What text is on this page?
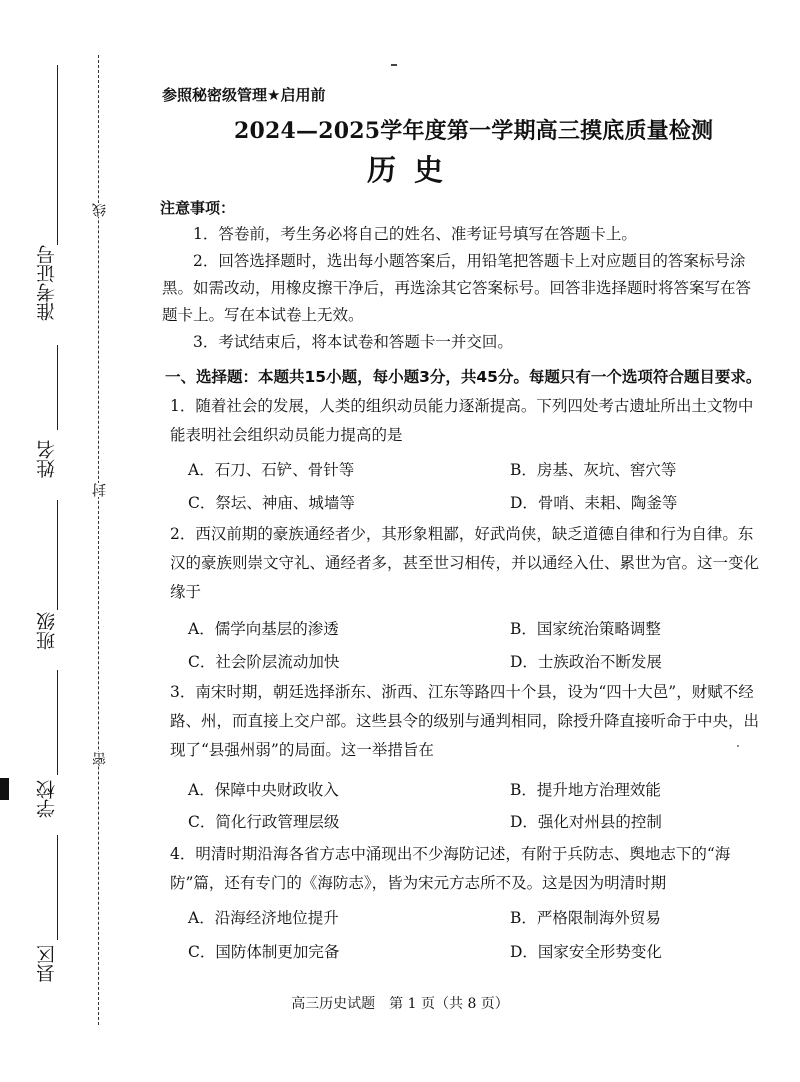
准考证号
姓名
班级
学校
县区
线
封
密
参照秘密级管理★启用前
2024—2025学年度第一学期高三摸底质量检测
历史
注意事项：
1．答卷前，考生务必将自己的姓名、准考证号填写在答题卡上。
2．回答选择题时，选出每小题答案后，用铅笔把答题卡上对应题目的答案标号涂黑。如需改动，用橡皮擦干净后，再选涂其它答案标号。回答非选择题时将答案写在答题卡上。写在本试卷上无效。
3．考试结束后，将本试卷和答题卡一并交回。
一、选择题：本题共15小题，每小题3分，共45分。每题只有一个选项符合题目要求。
1．随着社会的发展，人类的组织动员能力逐渐提高。下列四处考古遗址所出土文物中能表明社会组织动员能力提高的是
A．石刀、石铲、骨针等	B．房基、灰坑、窖穴等
C．祭坛、神庙、城墙等	D．骨哨、耒耜、陶釜等
2．西汉前期的豪族通经者少，其形象粗鄙，好武尚侠，缺乏道德自律和行为自律。东汉的豪族则崇文守礼、通经者多，甚至世习相传，并以通经入仕、累世为官。这一变化缘于
A．儒学向基层的渗透	B．国家统治策略调整
C．社会阶层流动加快	D．士族政治不断发展
3．南宋时期，朝廷选择浙东、浙西、江东等路四十个县，设为“四十大邑”，财赋不经路、州，而直接上交户部。这些县令的级别与通判相同，除授升降直接听命于中央，出现了“县强州弱”的局面。这一举措旨在
A．保障中央财政收入	B．提升地方治理效能
C．简化行政管理层级	D．强化对州县的控制
4．明清时期沿海各省方志中涌现出不少海防记述，有附于兵防志、舆地志下的“海防”篇，还有专门的《海防志》，皆为宋元方志所不及。这是因为明清时期
A．沿海经济地位提升	B．严格限制海外贸易
C．国防体制更加完备	D．国家安全形势变化
高三历史试题　第 1 页（共 8 页）
